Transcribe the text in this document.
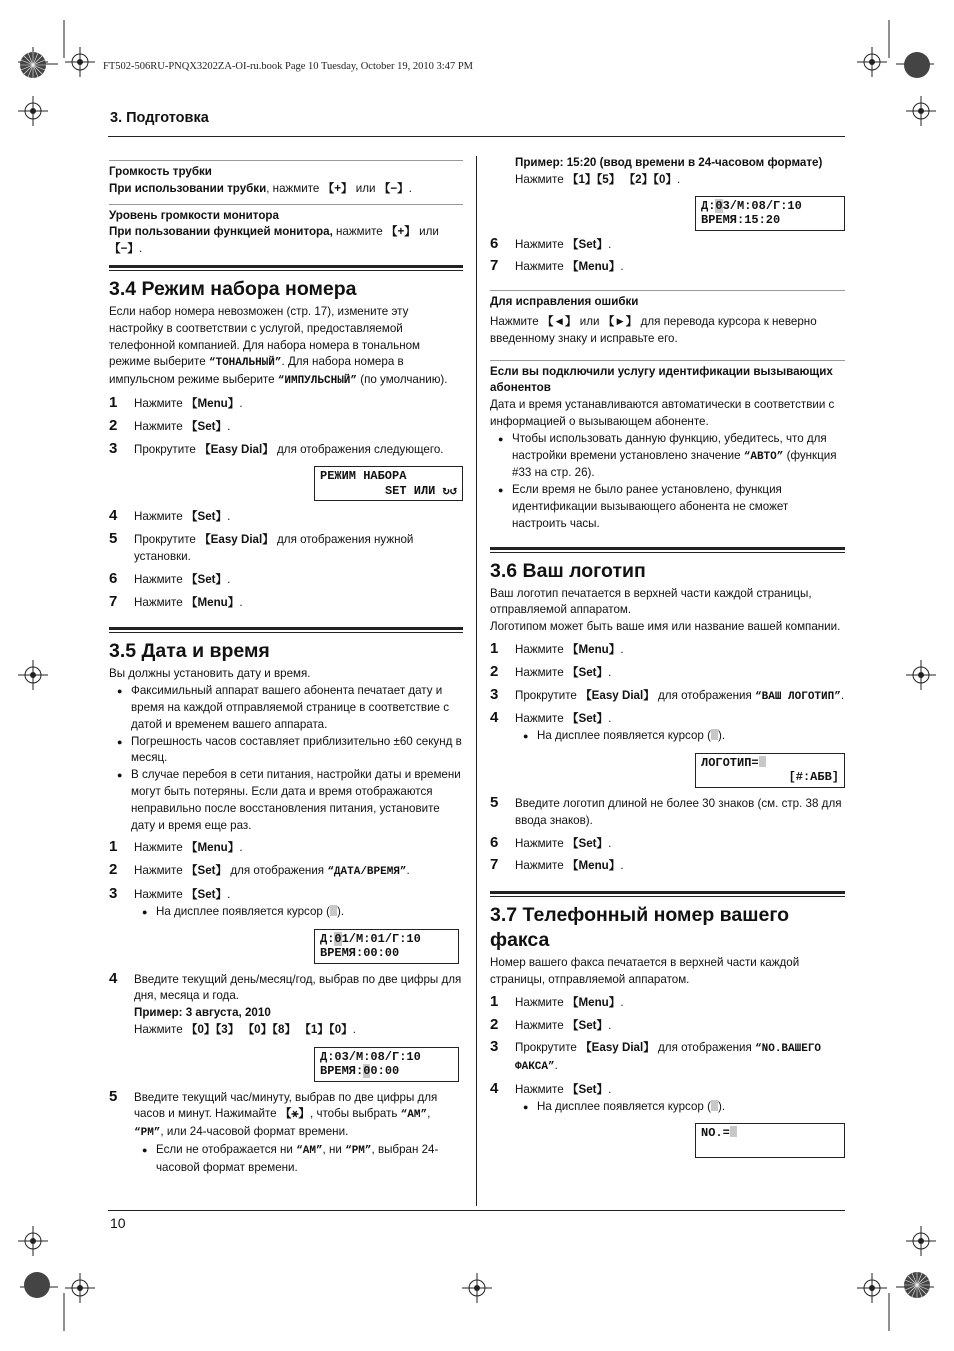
FT502-506RU-PNQX3202ZA-OI-ru.book Page 10 Tuesday, October 19, 2010 3:47 PM
3. Подготовка
10

Громкость трубки

При использовании трубки, нажмите 【+】 или 【−】.

Уровень громкости монитора

При пользовании функцией монитора, нажмите 【+】 или
【−】.

3.4 Режим набора номера

Если набор номера невозможен (стр. 17), измените эту настройку в соответствии с услугой, предоставляемой телефонной компанией. Для набора номера в тональном режиме выберите “ТОНАЛЬНЫЙ”. Для набора номера в импульсном режиме выберите “ИМПУЛЬСНЫЙ” (по умолчанию).

1 Нажмите 【Menu】.
2 Нажмите 【Set】.
3 Прокрутите 【Easy Dial】 для отображения следующего.
РЕЖИМ НАБОРА
SET ИЛИ ↻↺
4 Нажмите 【Set】.
5 Прокрутите 【Easy Dial】 для отображения нужной установки.
6 Нажмите 【Set】.
7 Нажмите 【Menu】.

3.5 Дата и время

Вы должны установить дату и время.

● Факсимильный аппарат вашего абонента печатает дату и время на каждой отправляемой странице в соответствие с датой и временем вашего аппарата.
● Погрешность часов составляет приблизительно ±60 секунд в месяц.
● В случае перебоя в сети питания, настройки даты и времени могут быть потеряны. Если дата и время отображаются неправильно после восстановления питания, установите дату и время еще раз.
1 Нажмите 【Menu】.
2 Нажмите 【Set】 для отображения “ДАТА/ВРЕМЯ”.
3 Нажмите 【Set】.
● На дисплее появляется курсор ( ).
Д:01/М:01/Г:10
ВРЕМЯ:00:00
4 Введите текущий день/месяц/год, выбрав по две цифры для дня, месяца и года.
Пример: 3 августа, 2010
Нажмите 【0】【3】 【0】【8】 【1】【0】.
Д:03/М:08/Г:10
ВРЕМЯ:00:00
5 Введите текущий час/минуту, выбрав по две цифры для часов и минут. Нажимайте 【⚹】, чтобы выбрать “AM”, “PM”, или 24-часовой формат времени.
● Если не отображается ни “AM”, ни “PM”, выбран 24-часовой формат времени.
Пример: 15:20 (ввод времени в 24-часовом формате)
Нажмите 【1】【5】 【2】【0】.
Д:03/М:08/Г:10
ВРЕМЯ:15:20
6 Нажмите 【Set】.
7 Нажмите 【Menu】.

Для исправления ошибки

Нажмите 【◄】 или 【►】 для перевода курсора к неверно введенному знаку и исправьте его.

Если вы подключили услугу идентификации вызывающих абонентов

Дата и время устанавливаются автоматически в соответствии с информацией о вызывающем абоненте.

● Чтобы использовать данную функцию, убедитесь, что для настройки времени установлено значение “АВТО” (функция #33 на стр. 26).
● Если время не было ранее установлено, функция идентификации вызывающего абонента не сможет настроить часы.

3.6 Ваш логотип

Ваш логотип печатается в верхней части каждой страницы, отправляемой аппаратом.

Логотипом может быть ваше имя или название вашей компании.

1 Нажмите 【Menu】.
2 Нажмите 【Set】.
3 Прокрутите 【Easy Dial】 для отображения “ВАШ ЛОГОТИП”.
4 Нажмите 【Set】.
● На дисплее появляется курсор ( ).
ЛОГОТИП=
[#:АБВ]
5 Введите логотип длиной не более 30 знаков (см. стр. 38 для ввода знаков).
6 Нажмите 【Set】.
7 Нажмите 【Menu】.

3.7 Телефонный номер вашего факса

Номер вашего факса печатается в верхней части каждой страницы, отправляемой аппаратом.

1 Нажмите 【Menu】.
2 Нажмите 【Set】.
3 Прокрутите 【Easy Dial】 для отображения “NO.ВАШЕГО ФАКСА”.
4 Нажмите 【Set】.
● На дисплее появляется курсор ( ).
NO.=
